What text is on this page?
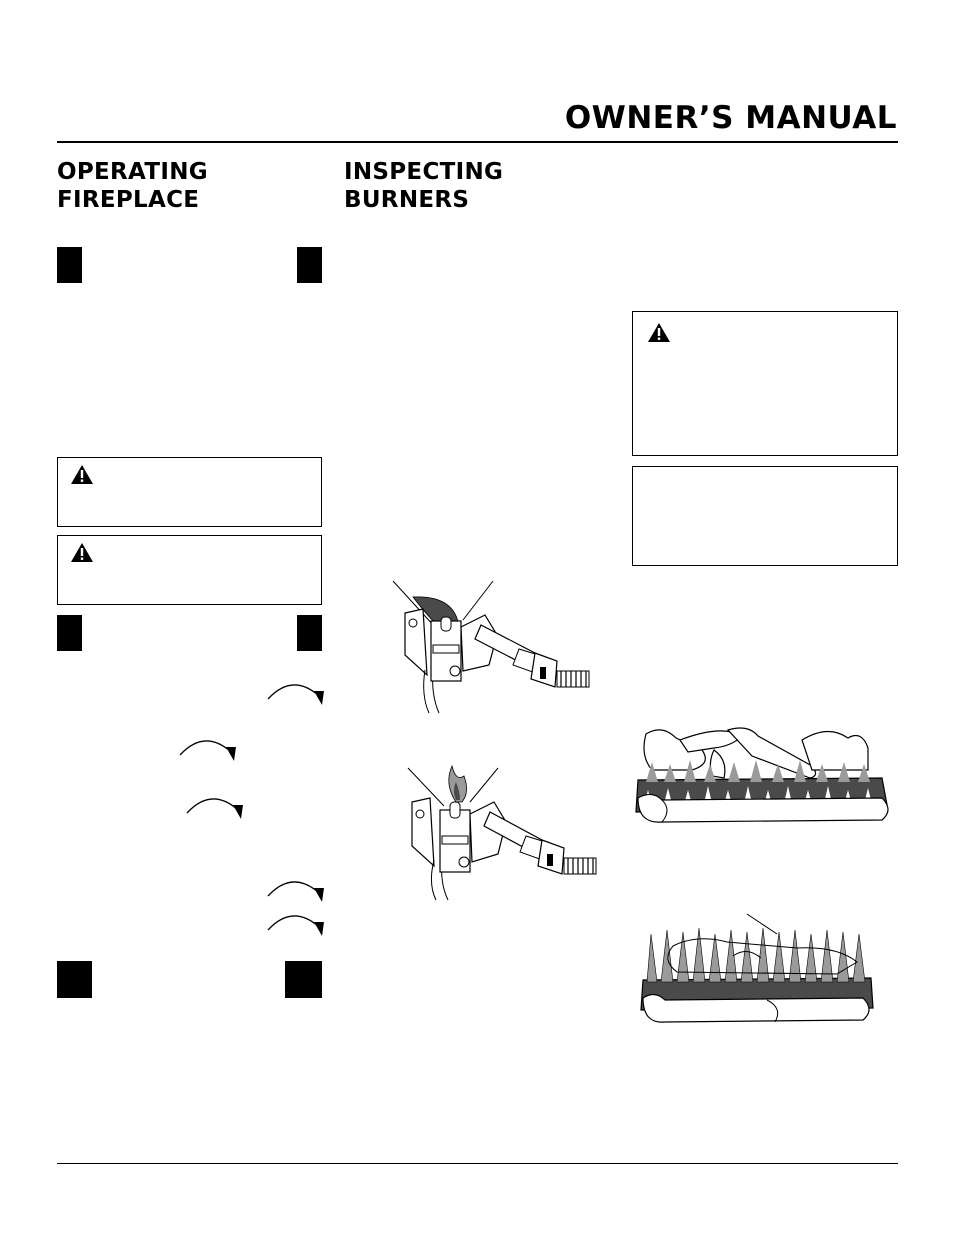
OWNER’S MANUAL
OPERATING
FIREPLACE
INSPECTING
BURNERS
